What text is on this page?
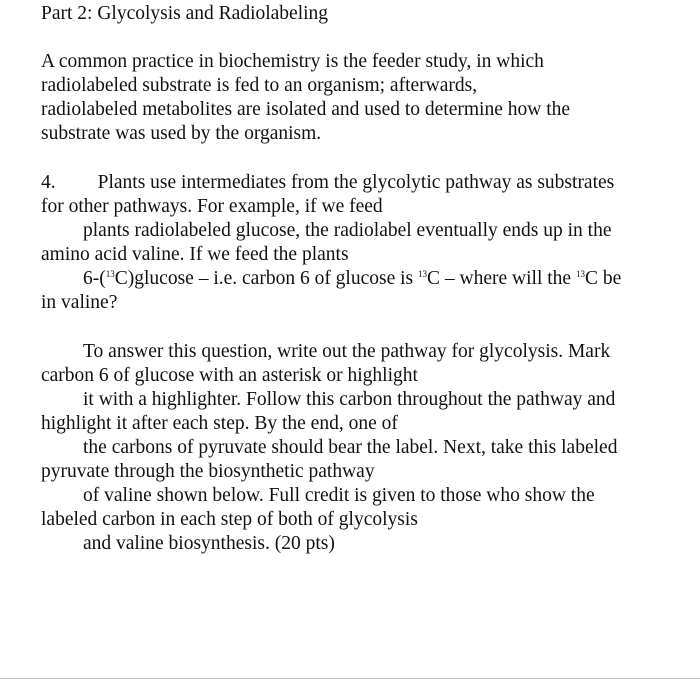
Part 2: Glycolysis and Radiolabeling
A common practice in biochemistry is the feeder study, in which
radiolabeled substrate is fed to an organism; afterwards,
radiolabeled metabolites are isolated and used to determine how the
substrate was used by the organism.
4. Plants use intermediates from the glycolytic pathway as substrates
for other pathways. For example, if we feed
plants radiolabeled glucose, the radiolabel eventually ends up in the
amino acid valine. If we feed the plants
6-($^{13}$C)glucose – i.e. carbon 6 of glucose is $^{13}$C – where will the $^{13}$C be
in valine?
To answer this question, write out the pathway for glycolysis. Mark
carbon 6 of glucose with an asterisk or highlight
it with a highlighter. Follow this carbon throughout the pathway and
highlight it after each step. By the end, one of
the carbons of pyruvate should bear the label. Next, take this labeled
pyruvate through the biosynthetic pathway
of valine shown below. Full credit is given to those who show the
labeled carbon in each step of both of glycolysis
and valine biosynthesis. (20 pts)
